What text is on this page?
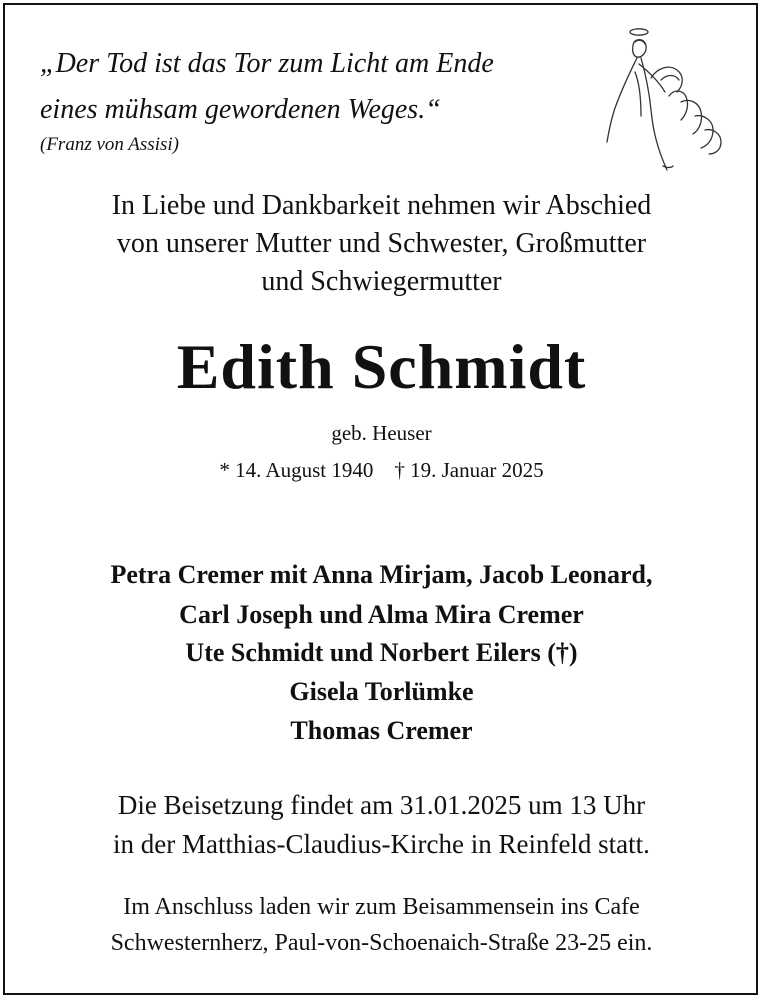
„Der Tod ist das Tor zum Licht am Ende
eines mühsam gewordenen Weges.“
(Franz von Assisi)
In Liebe und Dankbarkeit nehmen wir Abschied
von unserer Mutter und Schwester, Großmutter
und Schwiegermutter
Edith Schmidt
geb. Heuser
* 14. August 1940    † 19. Januar 2025
Petra Cremer mit Anna Mirjam, Jacob Leonard,
Carl Joseph und Alma Mira Cremer
Ute Schmidt und Norbert Eilers (†)
Gisela Torlümke
Thomas Cremer
Die Beisetzung findet am 31.01.2025 um 13 Uhr
in der Matthias-Claudius-Kirche in Reinfeld statt.
Im Anschluss laden wir zum Beisammensein ins Cafe
Schwesternherz, Paul-von-Schoenaich-Straße 23-25 ein.
